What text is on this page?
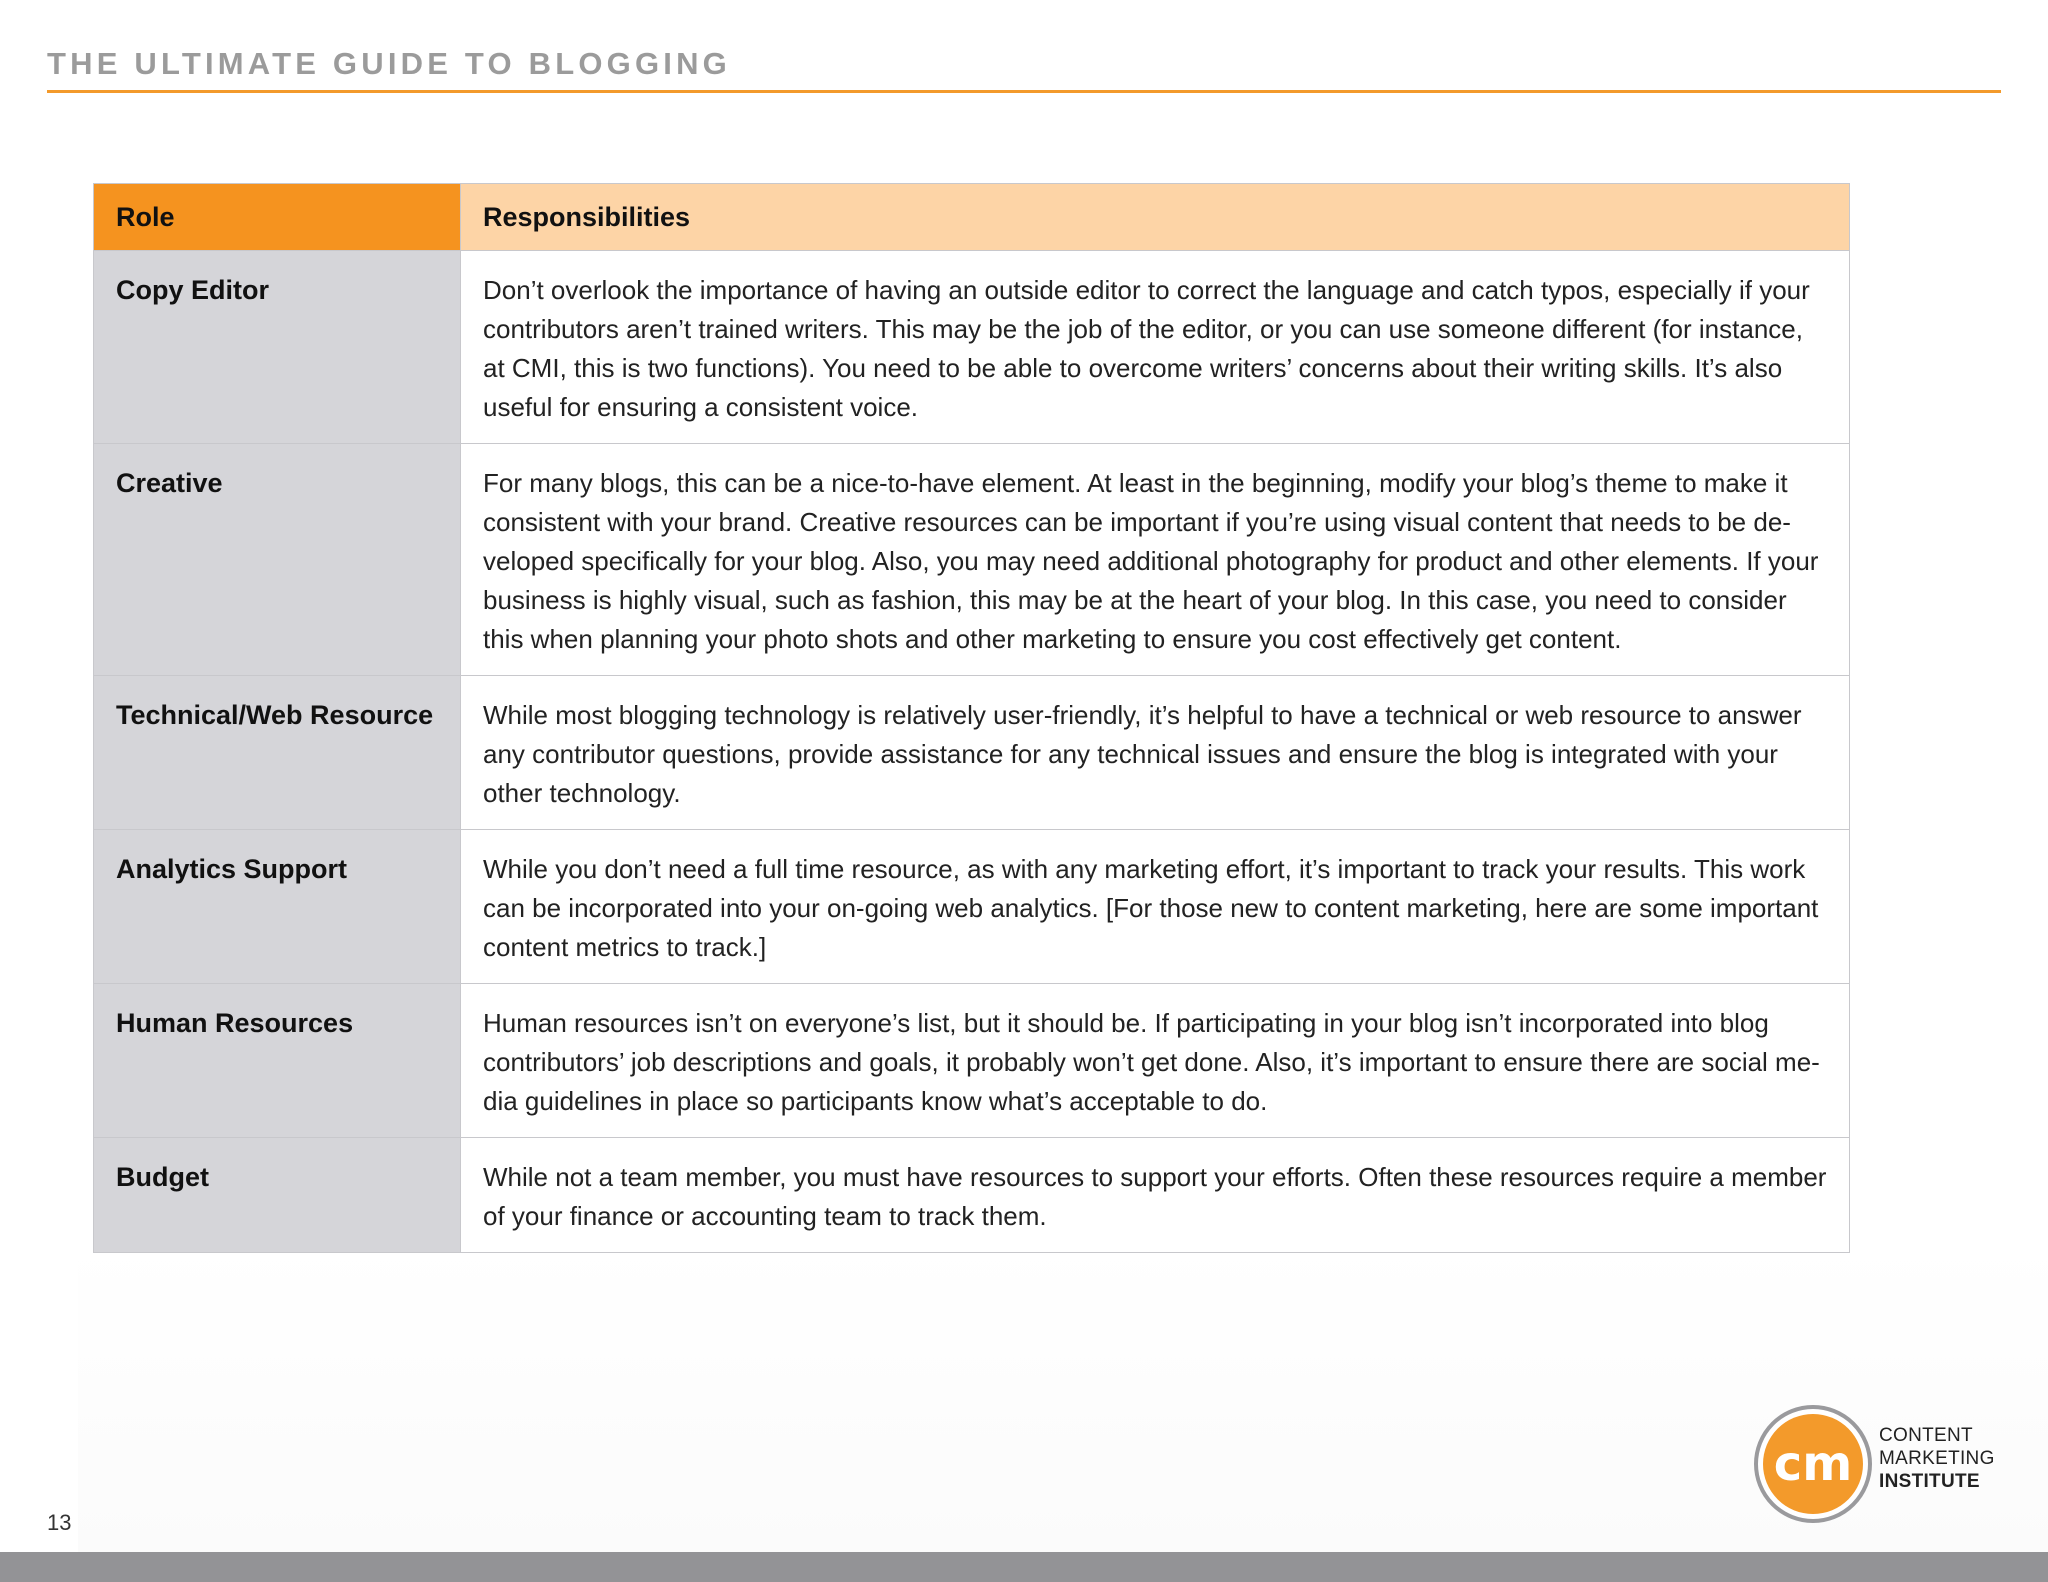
THE ULTIMATE GUIDE TO BLOGGING
Role	Responsibilities
Copy Editor	Don’t overlook the importance of having an outside editor to correct the language and catch typos, especially if your contributors aren’t trained writers. This may be the job of the editor, or you can use someone different (for instance, at CMI, this is two functions). You need to be able to overcome writers’ concerns about their writing skills. It’s also useful for ensuring a consistent voice.
Creative	For many blogs, this can be a nice-to-have element. At least in the beginning, modify your blog’s theme to make it consistent with your brand. Creative resources can be important if you’re using visual content that needs to be de-veloped specifically for your blog. Also, you may need additional photography for product and other elements. If your business is highly visual, such as fashion, this may be at the heart of your blog. In this case, you need to consider this when planning your photo shots and other marketing to ensure you cost effectively get content.
Technical/Web Resource	While most blogging technology is relatively user-friendly, it’s helpful to have a technical or web resource to answer any contributor questions, provide assistance for any technical issues and ensure the blog is integrated with your other technology.
Analytics Support	While you don’t need a full time resource, as with any marketing effort, it’s important to track your results. This work can be incorporated into your on-going web analytics. [For those new to content marketing, here are some important content metrics to track.]
Human Resources	Human resources isn’t on everyone’s list, but it should be. If participating in your blog isn’t incorporated into blog contributors’ job descriptions and goals, it probably won’t get done. Also, it’s important to ensure there are social me-dia guidelines in place so participants know what’s acceptable to do.
Budget	While not a team member, you must have resources to support your efforts. Often these resources require a member of your finance or accounting team to track them.
13
cm
CONTENT
MARKETING
INSTITUTE
